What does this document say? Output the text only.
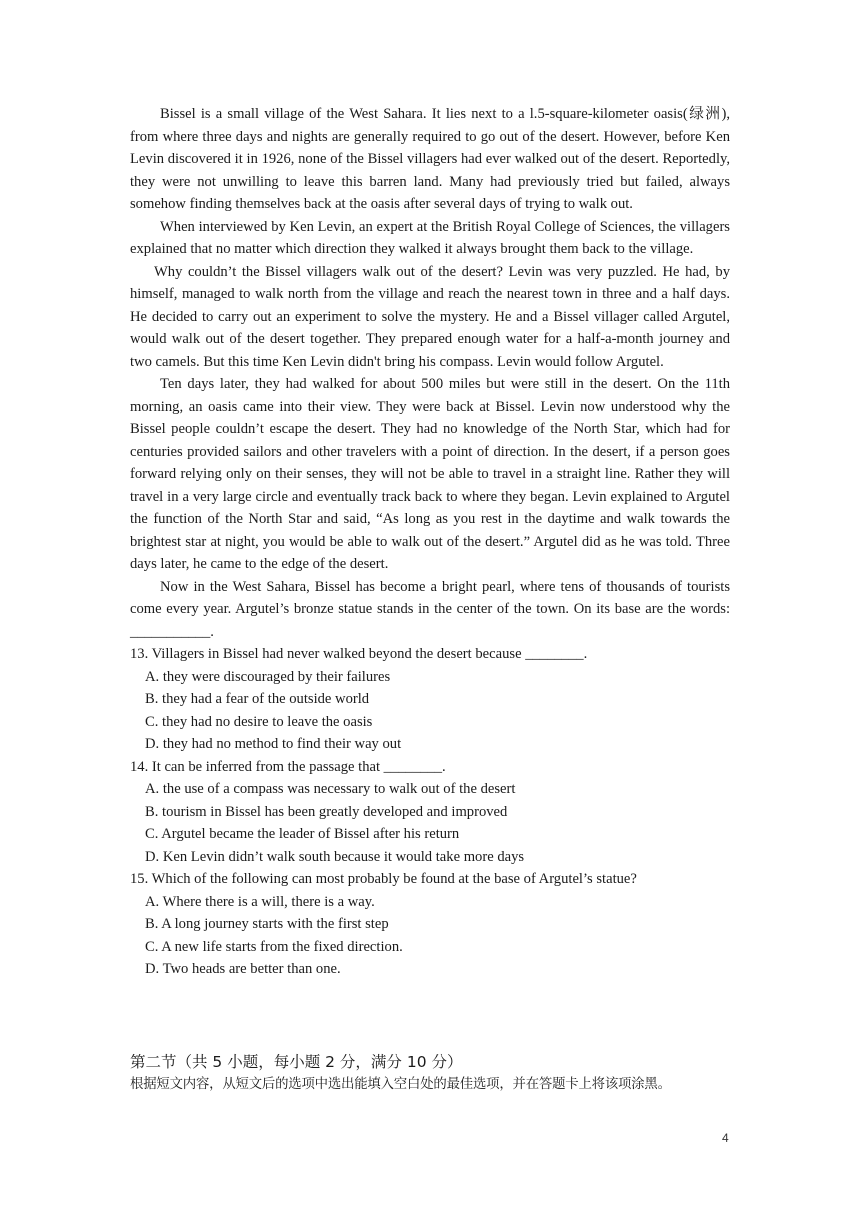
Bissel is a small village of the West Sahara. It lies next to a l.5-square-kilometer oasis(绿洲), from where three days and nights are generally required to go out of the desert. However, before Ken Levin discovered it in 1926, none of the Bissel villagers had ever walked out of the desert. Reportedly, they were not unwilling to leave this barren land. Many had previously tried but failed, always somehow finding themselves back at the oasis after several days of trying to walk out.

When interviewed by Ken Levin, an expert at the British Royal College of Sciences, the villagers explained that no matter which direction they walked it always brought them back to the village.

Why couldn’t the Bissel villagers walk out of the desert? Levin was very puzzled. He had, by himself, managed to walk north from the village and reach the nearest town in three and a half days. He decided to carry out an experiment to solve the mystery. He and a Bissel villager called Argutel, would walk out of the desert together. They prepared enough water for a half-a-month journey and two camels. But this time Ken Levin didn't bring his compass. Levin would follow Argutel.

Ten days later, they had walked for about 500 miles but were still in the desert. On the 11th morning, an oasis came into their view. They were back at Bissel. Levin now understood why the Bissel people couldn’t escape the desert. They had no knowledge of the North Star, which had for centuries provided sailors and other travelers with a point of direction. In the desert, if a person goes forward relying only on their senses, they will not be able to travel in a straight line. Rather they will travel in a very large circle and eventually track back to where they began. Levin explained to Argutel the function of the North Star and said, “As long as you rest in the daytime and walk towards the brightest star at night, you would be able to walk out of the desert.” Argutel did as he was told. Three days later, he came to the edge of the desert.

Now in the West Sahara, Bissel has become a bright pearl, where tens of thousands of tourists come every year. Argutel’s bronze statue stands in the center of the town. On its base are the words: ___________.

13. Villagers in Bissel had never walked beyond the desert because ________.

A. they were discouraged by their failures

B. they had a fear of the outside world

C. they had no desire to leave the oasis

D. they had no method to find their way out

14. It can be inferred from the passage that ________.

A. the use of a compass was necessary to walk out of the desert

B. tourism in Bissel has been greatly developed and improved

C. Argutel became the leader of Bissel after his return

D. Ken Levin didn’t walk south because it would take more days

15. Which of the following can most probably be found at the base of Argutel’s statue?

A. Where there is a will, there is a way.

B. A long journey starts with the first step

C. A new life starts from the fixed direction.

D. Two heads are better than one.

第二节（共 5 小题，每小题 2 分，满分 10 分）

根据短文内容，从短文后的选项中选出能填入空白处的最佳选项，并在答题卡上将该项涂黑。

4
